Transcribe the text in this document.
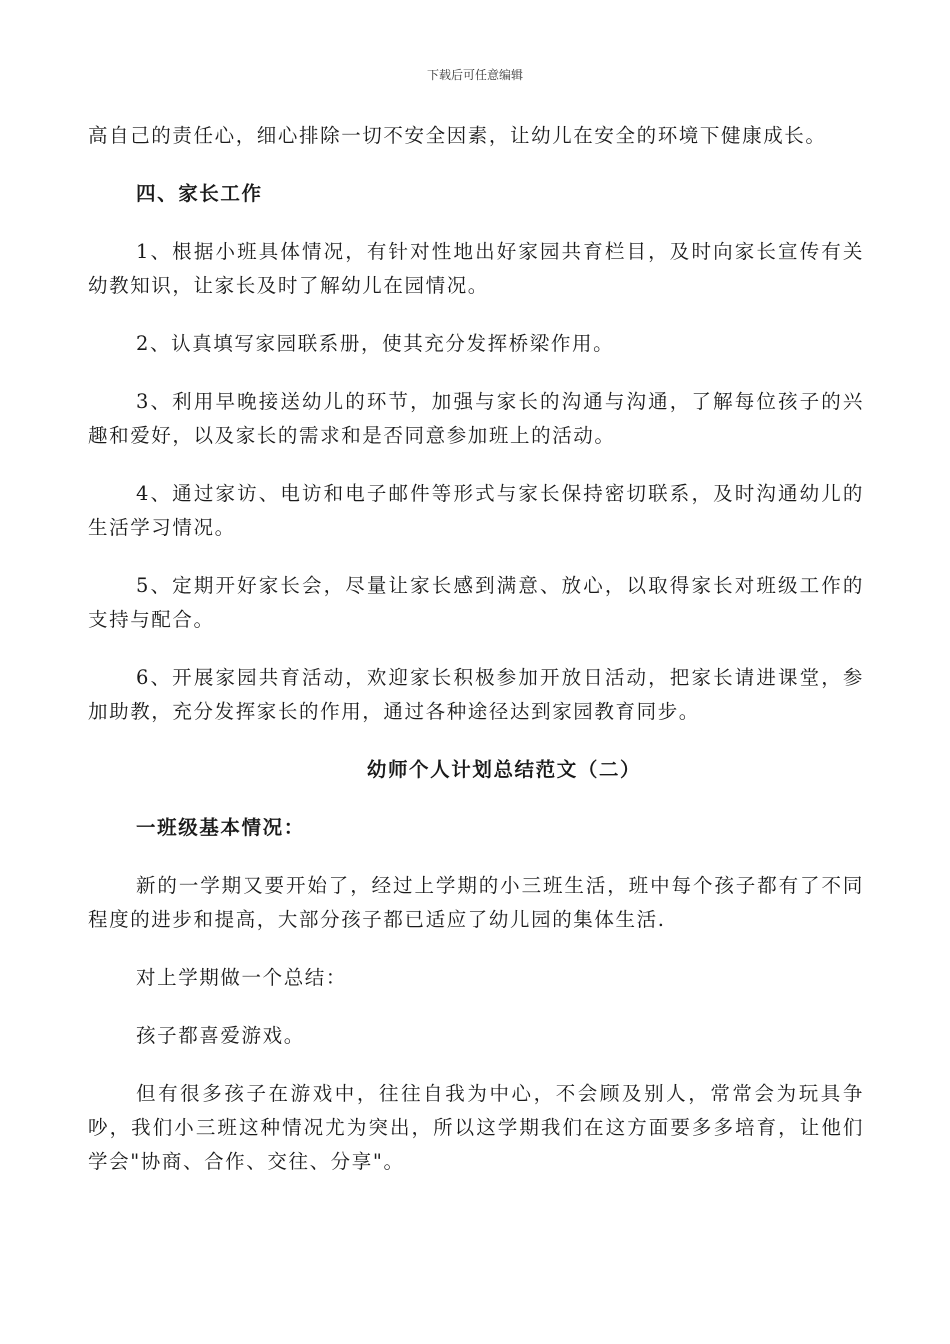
下载后可任意编辑

高自己的责任心，细心排除一切不安全因素，让幼儿在安全的环境下健康成长。

四、家长工作

1、根据小班具体情况，有针对性地出好家园共育栏目，及时向家长宣传有关幼教知识，让家长及时了解幼儿在园情况。

2、认真填写家园联系册，使其充分发挥桥梁作用。

3、利用早晚接送幼儿的环节，加强与家长的沟通与沟通，了解每位孩子的兴趣和爱好，以及家长的需求和是否同意参加班上的活动。

4、通过家访、电访和电子邮件等形式与家长保持密切联系，及时沟通幼儿的生活学习情况。

5、定期开好家长会，尽量让家长感到满意、放心，以取得家长对班级工作的支持与配合。

6、开展家园共育活动，欢迎家长积极参加开放日活动，把家长请进课堂，参加助教，充分发挥家长的作用，通过各种途径达到家园教育同步。

幼师个人计划总结范文（二）

一班级基本情况：

新的一学期又要开始了，经过上学期的小三班生活，班中每个孩子都有了不同程度的进步和提高，大部分孩子都已适应了幼儿园的集体生活.

对上学期做一个总结：

孩子都喜爱游戏。

但有很多孩子在游戏中，往往自我为中心，不会顾及别人，常常会为玩具争吵，我们小三班这种情况尤为突出，所以这学期我们在这方面要多多培育，让他们学会"协商、合作、交往、分享"。
